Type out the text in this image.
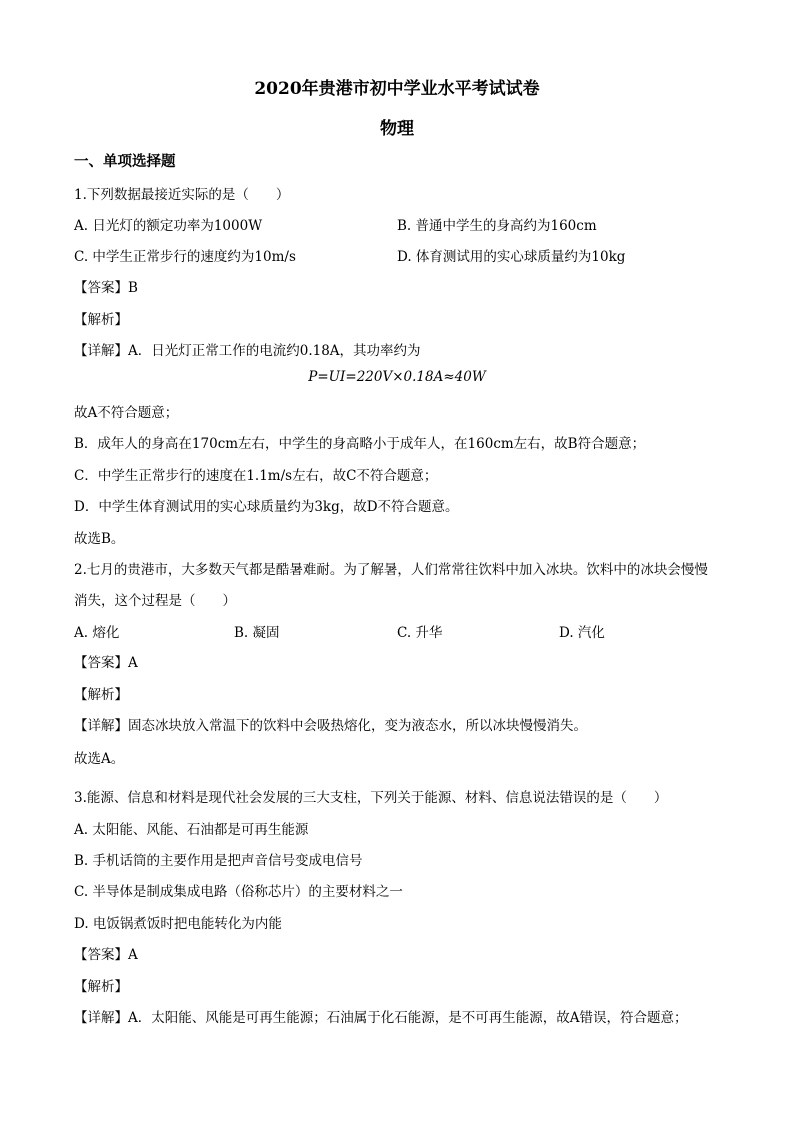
2020年贵港市初中学业水平考试试卷
物理
一、单项选择题
1.下列数据最接近实际的是（　　）
A. 日光灯的额定功率为1000W	B. 普通中学生的身高约为160cm
C. 中学生正常步行的速度约为10m/s	D. 体育测试用的实心球质量约为10kg
【答案】B
【解析】
【详解】A．日光灯正常工作的电流约0.18A，其功率约为
P=UI=220V×0.18A≈40W
故A不符合题意；
B．成年人的身高在170cm左右，中学生的身高略小于成年人，在160cm左右，故B符合题意；
C．中学生正常步行的速度在1.1m/s左右，故C不符合题意；
D．中学生体育测试用的实心球质量约为3kg，故D不符合题意。
故选B。
2.七月的贵港市，大多数天气都是酷暑难耐。为了解暑，人们常常往饮料中加入冰块。饮料中的冰块会慢慢
消失，这个过程是（　　）
A. 熔化	B. 凝固	C. 升华	D. 汽化
【答案】A
【解析】
【详解】固态冰块放入常温下的饮料中会吸热熔化，变为液态水，所以冰块慢慢消失。
故选A。
3.能源、信息和材料是现代社会发展的三大支柱，下列关于能源、材料、信息说法错误的是（　　）
A. 太阳能、风能、石油都是可再生能源
B. 手机话筒的主要作用是把声音信号变成电信号
C. 半导体是制成集成电路（俗称芯片）的主要材料之一
D. 电饭锅煮饭时把电能转化为内能
【答案】A
【解析】
【详解】A．太阳能、风能是可再生能源；石油属于化石能源，是不可再生能源，故A错误，符合题意；
